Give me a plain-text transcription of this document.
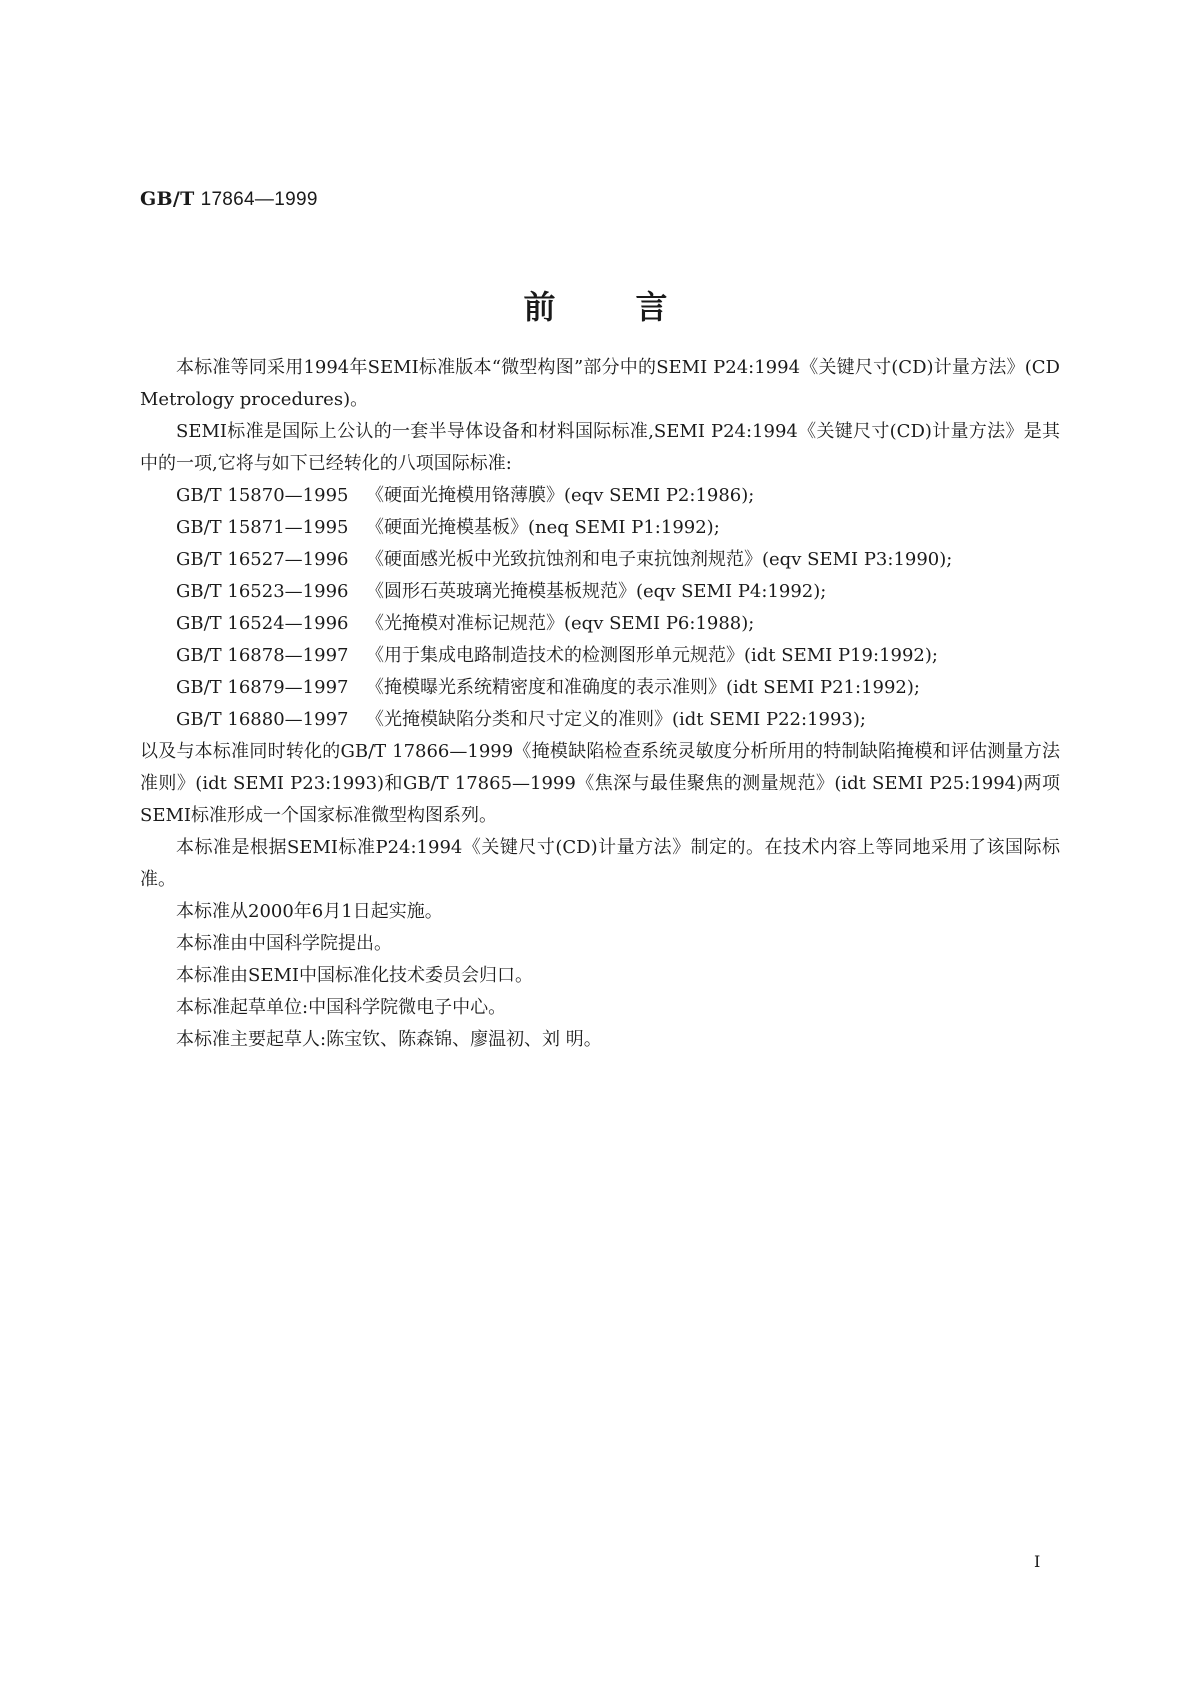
GB/T 17864—1999
前言

本标准等同采用1994年SEMI标准版本“微型构图”部分中的SEMI P24:1994《关键尺寸(CD)计量方法》(CD Metrology procedures)。

SEMI标准是国际上公认的一套半导体设备和材料国际标准,SEMI P24:1994《关键尺寸(CD)计量方法》是其中的一项,它将与如下已经转化的八项国际标准:

GB/T 15870—1995 《硬面光掩模用铬薄膜》(eqv SEMI P2:1986);

GB/T 15871—1995 《硬面光掩模基板》(neq SEMI P1:1992);

GB/T 16527—1996 《硬面感光板中光致抗蚀剂和电子束抗蚀剂规范》(eqv SEMI P3:1990);

GB/T 16523—1996 《圆形石英玻璃光掩模基板规范》(eqv SEMI P4:1992);

GB/T 16524—1996 《光掩模对准标记规范》(eqv SEMI P6:1988);

GB/T 16878—1997 《用于集成电路制造技术的检测图形单元规范》(idt SEMI P19:1992);

GB/T 16879—1997 《掩模曝光系统精密度和准确度的表示准则》(idt SEMI P21:1992);

GB/T 16880—1997 《光掩模缺陷分类和尺寸定义的准则》(idt SEMI P22:1993);

以及与本标准同时转化的GB/T 17866—1999《掩模缺陷检查系统灵敏度分析所用的特制缺陷掩模和评估测量方法准则》(idt SEMI P23:1993)和GB/T 17865—1999《焦深与最佳聚焦的测量规范》(idt SEMI P25:1994)两项SEMI标准形成一个国家标准微型构图系列。

本标准是根据SEMI标准P24:1994《关键尺寸(CD)计量方法》制定的。在技术内容上等同地采用了该国际标准。

本标准从2000年6月1日起实施。

本标准由中国科学院提出。

本标准由SEMI中国标准化技术委员会归口。

本标准起草单位:中国科学院微电子中心。

本标准主要起草人:陈宝钦、陈森锦、廖温初、刘 明。

I
